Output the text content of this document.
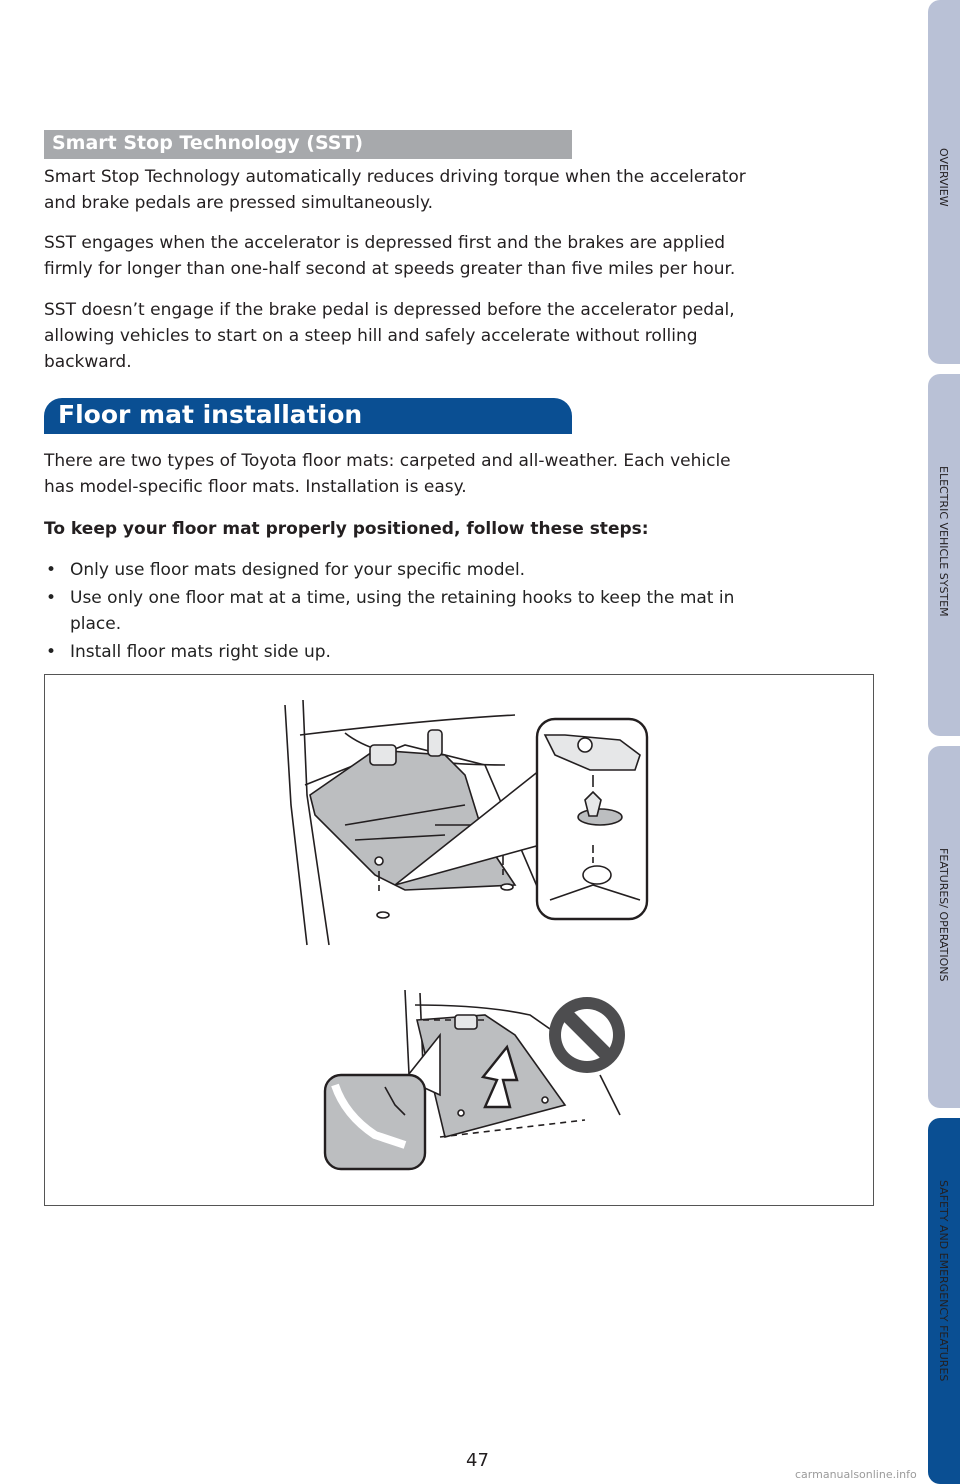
Smart Stop Technology (SST)

Smart Stop Technology automatically reduces driving torque when the accelerator
and brake pedals are pressed simultaneously.

SST engages when the accelerator is depressed first and the brakes are applied
firmly for longer than one-half second at speeds greater than five miles per hour.

SST doesn’t engage if the brake pedal is depressed before the accelerator pedal,
allowing vehicles to start on a steep hill and safely accelerate without rolling
backward.

Floor mat installation

There are two types of Toyota floor mats: carpeted and all-weather. Each vehicle
has model-specific floor mats. Installation is easy.

To keep your floor mat properly positioned, follow these steps:

• Only use floor mats designed for your specific model.
• Use only one floor mat at a time, using the retaining hooks to keep the mat in
place.
• Install floor mats right side up.
OVERVIEW
ELECTRIC VEHICLE SYSTEM
FEATURES/ OPERATIONS
SAFETY AND EMERGENCY FEATURES
47
carmanualsonline.info
